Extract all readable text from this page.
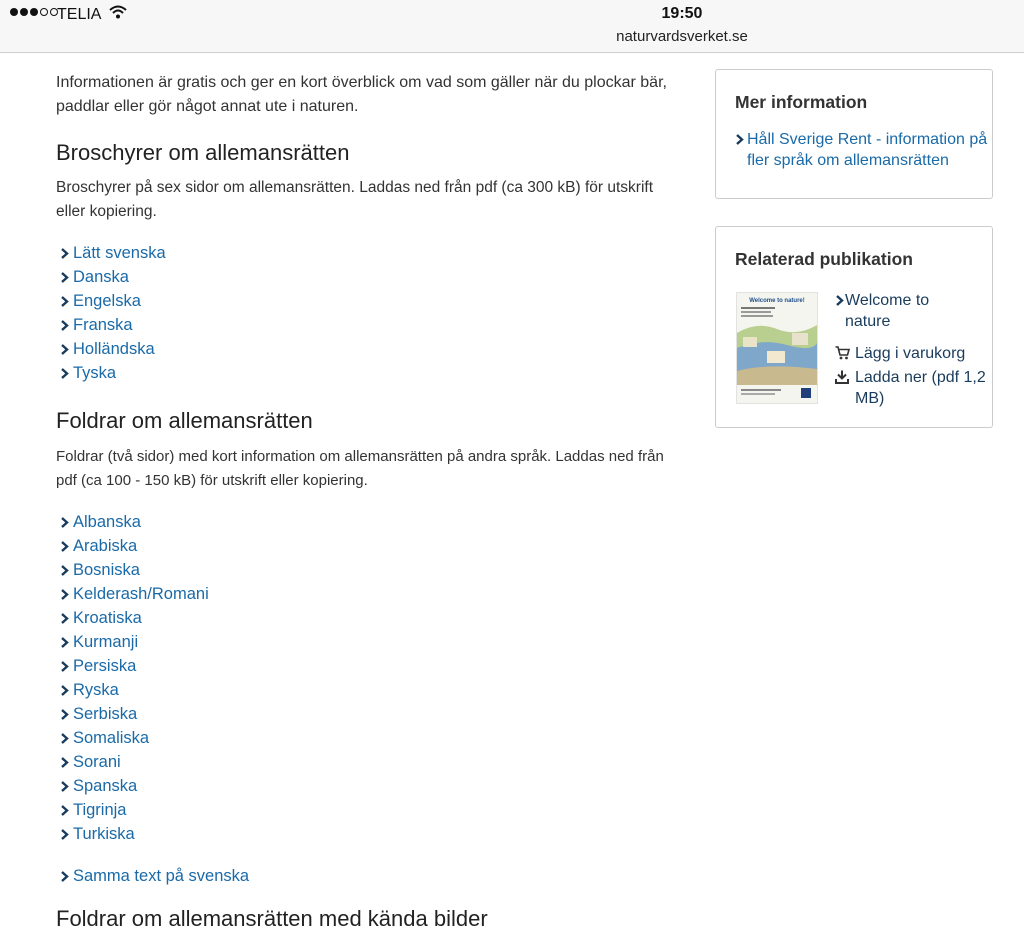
TELIA	19:50
naturvardsverket.se

Informationen är gratis och ger en kort överblick om vad som gäller när du plockar bär, paddlar eller gör något annat ute i naturen.

Broschyrer om allemansrätten

Broschyrer på sex sidor om allemansrätten. Laddas ned från pdf (ca 300 kB) för utskrift eller kopiering.

Lätt svenska
Danska
Engelska
Franska
Holländska
Tyska
Foldrar om allemansrätten

Foldrar (två sidor) med kort information om allemansrätten på andra språk. Laddas ned från pdf (ca 100 - 150 kB) för utskrift eller kopiering.

Albanska
Arabiska
Bosniska
Kelderash/Romani
Kroatiska
Kurmanji
Persiska
Ryska
Serbiska
Somaliska
Sorani
Spanska
Tigrinja
Turkiska
Samma text på svenska
Foldrar om allemansrätten med kända bilder
Mer information
Håll Sverige Rent - information på fler språk om allemansrätten
Relaterad publikation
Welcome to nature!	Welcome to nature
Lägg i varukorg
Ladda ner (pdf 1,2 MB)
